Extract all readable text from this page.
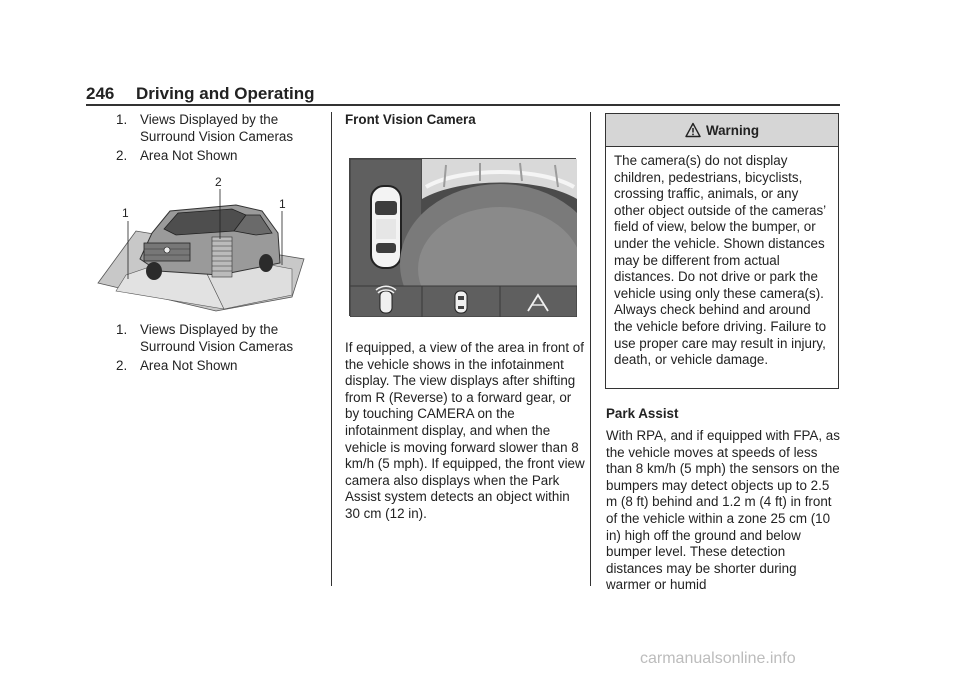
246 Driving and Operating
1. Views Displayed by the Surround Vision Cameras
2. Area Not Shown
1
2
1
1. Views Displayed by the Surround Vision Cameras
2. Area Not Shown
Front Vision Camera
If equipped, a view of the area in front of the vehicle shows in the infotainment display. The view displays after shifting from R (Reverse) to a forward gear, or by touching CAMERA on the infotainment display, and when the vehicle is moving forward slower than 8 km/h (5 mph). If equipped, the front view camera also displays when the Park Assist system detects an object within 30 cm (12 in).
Warning
The camera(s) do not display children, pedestrians, bicyclists, crossing traffic, animals, or any other object outside of the cameras’ field of view, below the bumper, or under the vehicle. Shown distances may be different from actual distances. Do not drive or park the vehicle using only these camera(s). Always check behind and around the vehicle before driving. Failure to use proper care may result in injury, death, or vehicle damage.
Park Assist
With RPA, and if equipped with FPA, as the vehicle moves at speeds of less than 8 km/h (5 mph) the sensors on the bumpers may detect objects up to 2.5 m (8 ft) behind and 1.2 m (4 ft) in front of the vehicle within a zone 25 cm (10 in) high off the ground and below bumper level. These detection distances may be shorter during warmer or humid
carmanualsonline.info
